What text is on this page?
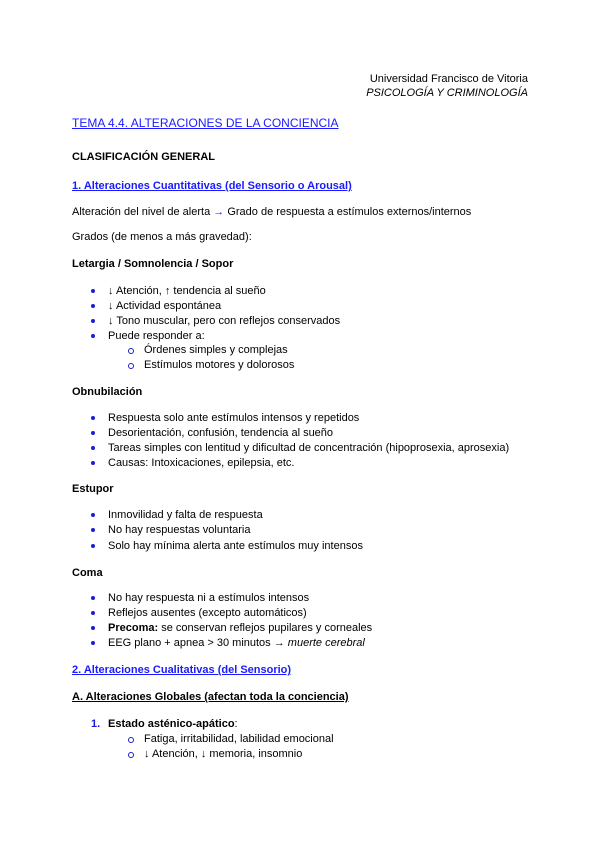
Universidad Francisco de Vitoria
PSICOLOGÍA Y CRIMINOLOGÍA
TEMA 4.4. ALTERACIONES DE LA CONCIENCIA
CLASIFICACIÓN GENERAL
1. Alteraciones Cuantitativas (del Sensorio o Arousal)
Alteración del nivel de alerta → Grado de respuesta a estímulos externos/internos
Grados (de menos a más gravedad):
Letargia / Somnolencia / Sopor
↓ Atención, ↑ tendencia al sueño
↓ Actividad espontánea
↓ Tono muscular, pero con reflejos conservados
Puede responder a:
Órdenes simples y complejas
Estímulos motores y dolorosos
Obnubilación
Respuesta solo ante estímulos intensos y repetidos
Desorientación, confusión, tendencia al sueño
Tareas simples con lentitud y dificultad de concentración (hipoprosexia, aprosexia)
Causas: Intoxicaciones, epilepsia, etc.
Estupor
Inmovilidad y falta de respuesta
No hay respuestas voluntaria
Solo hay mínima alerta ante estímulos muy intensos
Coma
No hay respuesta ni a estímulos intensos
Reflejos ausentes (excepto automáticos)
Precoma: se conservan reflejos pupilares y corneales
EEG plano + apnea > 30 minutos → muerte cerebral
2. Alteraciones Cualitativas (del Sensorio)
A. Alteraciones Globales (afectan toda la conciencia)
1. Estado asténico-apático:
Fatiga, irritabilidad, labilidad emocional
↓ Atención, ↓ memoria, insomnio
